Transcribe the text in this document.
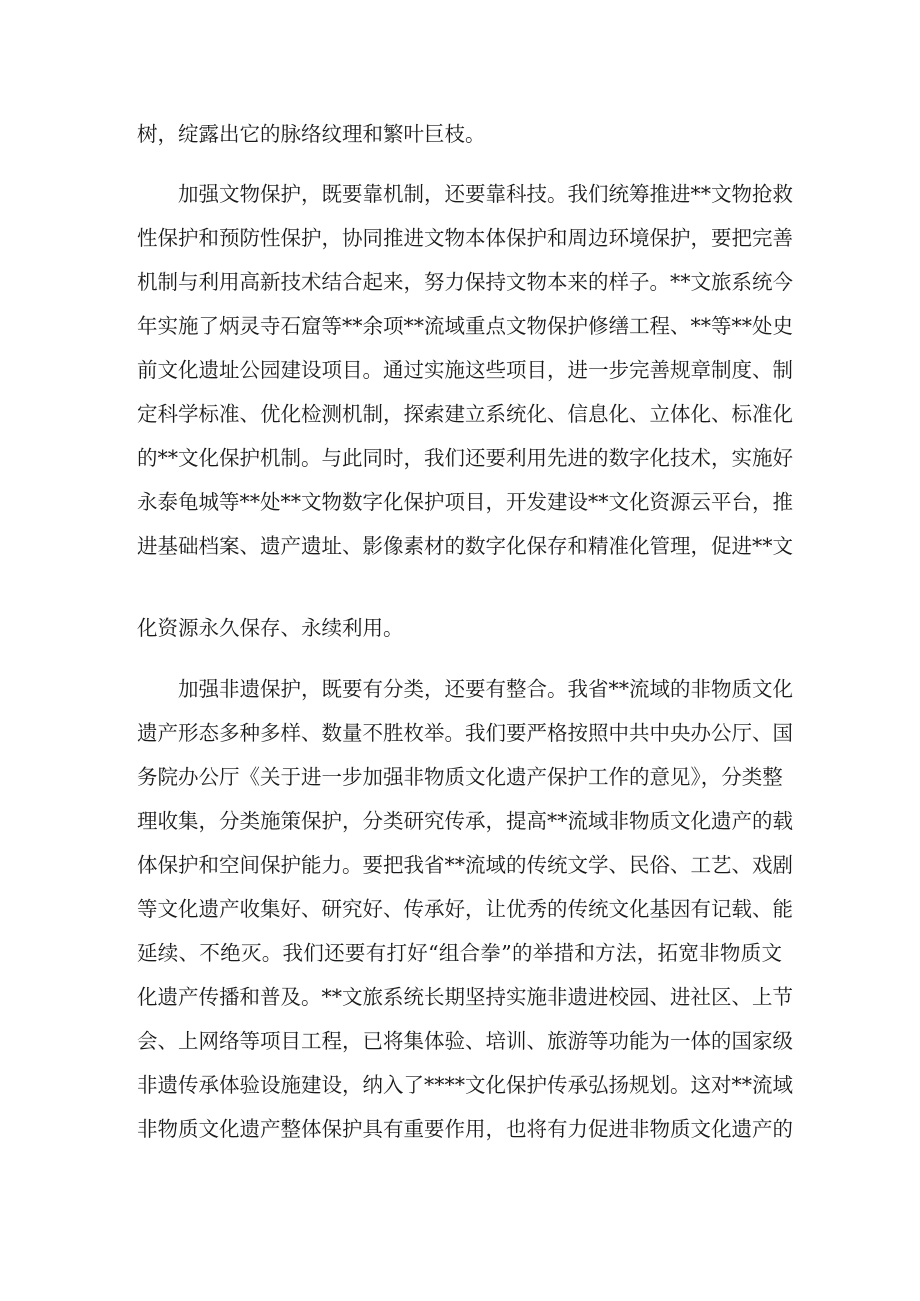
树，绽露出它的脉络纹理和繁叶巨枝。
　　加强文物保护，既要靠机制，还要靠科技。我们统筹推进**文物抢救
性保护和预防性保护，协同推进文物本体保护和周边环境保护，要把完善
机制与利用高新技术结合起来，努力保持文物本来的样子。**文旅系统今
年实施了炳灵寺石窟等**余项**流域重点文物保护修缮工程、**等**处史
前文化遗址公园建设项目。通过实施这些项目，进一步完善规章制度、制
定科学标准、优化检测机制，探索建立系统化、信息化、立体化、标准化
的**文化保护机制。与此同时，我们还要利用先进的数字化技术，实施好
永泰龟城等**处**文物数字化保护项目，开发建设**文化资源云平台，推
进基础档案、遗产遗址、影像素材的数字化保存和精准化管理，促进**文
化资源永久保存、永续利用。
　　加强非遗保护，既要有分类，还要有整合。我省**流域的非物质文化
遗产形态多种多样、数量不胜枚举。我们要严格按照中共中央办公厅、国
务院办公厅《关于进一步加强非物质文化遗产保护工作的意见》，分类整
理收集，分类施策保护，分类研究传承，提高**流域非物质文化遗产的载
体保护和空间保护能力。要把我省**流域的传统文学、民俗、工艺、戏剧
等文化遗产收集好、研究好、传承好，让优秀的传统文化基因有记载、能
延续、不绝灭。我们还要有打好“组合拳”的举措和方法，拓宽非物质文
化遗产传播和普及。**文旅系统长期坚持实施非遗进校园、进社区、上节
会、上网络等项目工程，已将集体验、培训、旅游等功能为一体的国家级
非遗传承体验设施建设，纳入了****文化保护传承弘扬规划。这对**流域
非物质文化遗产整体保护具有重要作用，也将有力促进非物质文化遗产的
